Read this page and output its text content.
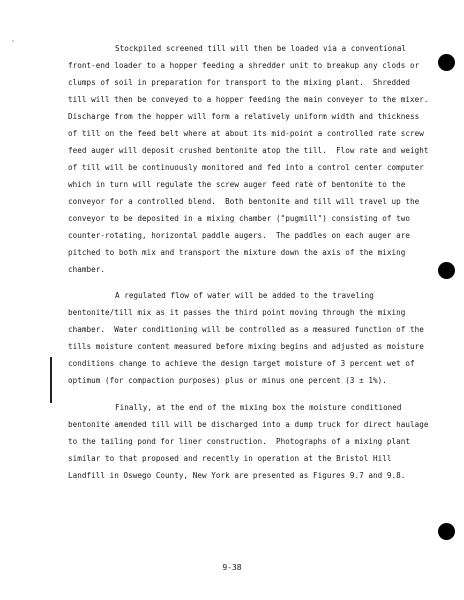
Stockpiled screened till will then be loaded via a conventional
front-end loader to a hopper feeding a shredder unit to breakup any clods or
clumps of soil in preparation for transport to the mixing plant.  Shredded
till will then be conveyed to a hopper feeding the main conveyer to the mixer.
Discharge from the hopper will form a relatively uniform width and thickness
of till on the feed belt where at about its mid-point a controlled rate screw
feed auger will deposit crushed bentonite atop the till.  Flow rate and weight
of till will be continuously monitored and fed into a control center computer
which in turn will regulate the screw auger feed rate of bentonite to the
conveyor for a controlled blend.  Both bentonite and till will travel up the
conveyor to be deposited in a mixing chamber ("pugmill") consisting of two
counter-rotating, horizontal paddle augers.  The paddles on each auger are
pitched to both mix and transport the mixture down the axis of the mixing
chamber.
A regulated flow of water will be added to the traveling
bentonite/till mix as it passes the third point moving through the mixing
chamber.  Water conditioning will be controlled as a measured function of the
tills moisture content measured before mixing begins and adjusted as moisture
conditions change to achieve the design target moisture of 3 percent wet of
optimum (for compaction purposes) plus or minus one percent (3 ± 1%).
Finally, at the end of the mixing box the moisture conditioned
bentonite amended till will be discharged into a dump truck for direct haulage
to the tailing pond for liner construction.  Photographs of a mixing plant
similar to that proposed and recently in operation at the Bristol Hill
Landfill in Oswego County, New York are presented as Figures 9.7 and 9.8.
9-38
